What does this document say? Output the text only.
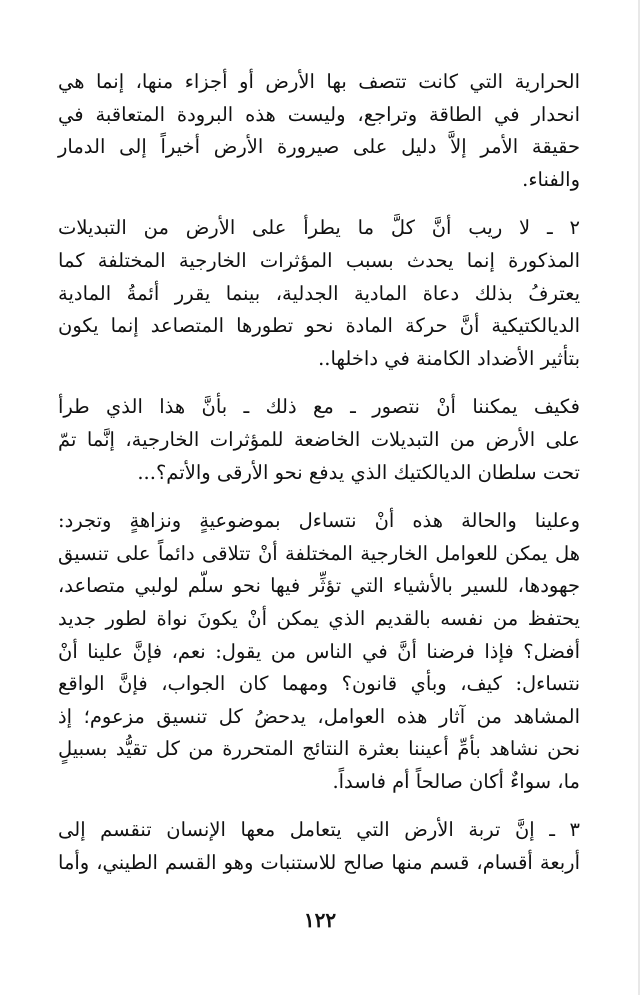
الحرارية التي كانت تتصف بها الأرض أو أجزاء منها، إنما هي
انحدار في الطاقة وتراجع، وليست هذه البرودة المتعاقبة في
حقيقة الأمر إلاَّ دليل على صيرورة الأرض أخيراً إلى الدمار
والفناء.
٢ ـ لا ريب أنَّ كلَّ ما يطرأ على الأرض من التبديلات
المذكورة إنما يحدث بسبب المؤثرات الخارجية المختلفة كما
يعترفُ بذلك دعاة المادية الجدلية، بينما يقرر أئمةُ المادية
الديالكتيكية أنَّ حركة المادة نحو تطورها المتصاعد إنما يكون
بتأثير الأضداد الكامنة في داخلها..
فكيف يمكننا أنْ نتصور ـ مع ذلك ـ بأنَّ هذا الذي طرأ
على الأرض من التبديلات الخاضعة للمؤثرات الخارجية، إنَّما تمّ
تحت سلطان الديالكتيك الذي يدفع نحو الأرقى والأتم؟...
وعلينا والحالة هذه أنْ نتساءل بموضوعيةٍ ونزاهةٍ وتجرد:
هل يمكن للعوامل الخارجية المختلفة أنْ تتلاقى دائماً على تنسيق
جهودها، للسير بالأشياء التي تؤثِّر فيها نحو سلّم لولبي متصاعد،
يحتفظ من نفسه بالقديم الذي يمكن أنْ يكونَ نواة لطور جديد
أفضل؟ فإذا فرضنا أنَّ في الناس من يقول: نعم، فإنَّ علينا أنْ
نتساءل: كيف، وبأي قانون؟ ومهما كان الجواب، فإنَّ الواقع
المشاهد من آثار هذه العوامل، يدحضُ كل تنسيق مزعوم؛ إذ
نحن نشاهد بأمِّ أعيننا بعثرة النتائج المتحررة من كل تقيُّد بسبيلٍ
ما، سواءٌ أكان صالحاً أم فاسداً.
٣ ـ إنَّ تربة الأرض التي يتعامل معها الإنسان تنقسم إلى
أربعة أقسام، قسم منها صالح للاستنبات وهو القسم الطيني، وأما
١٢٢
